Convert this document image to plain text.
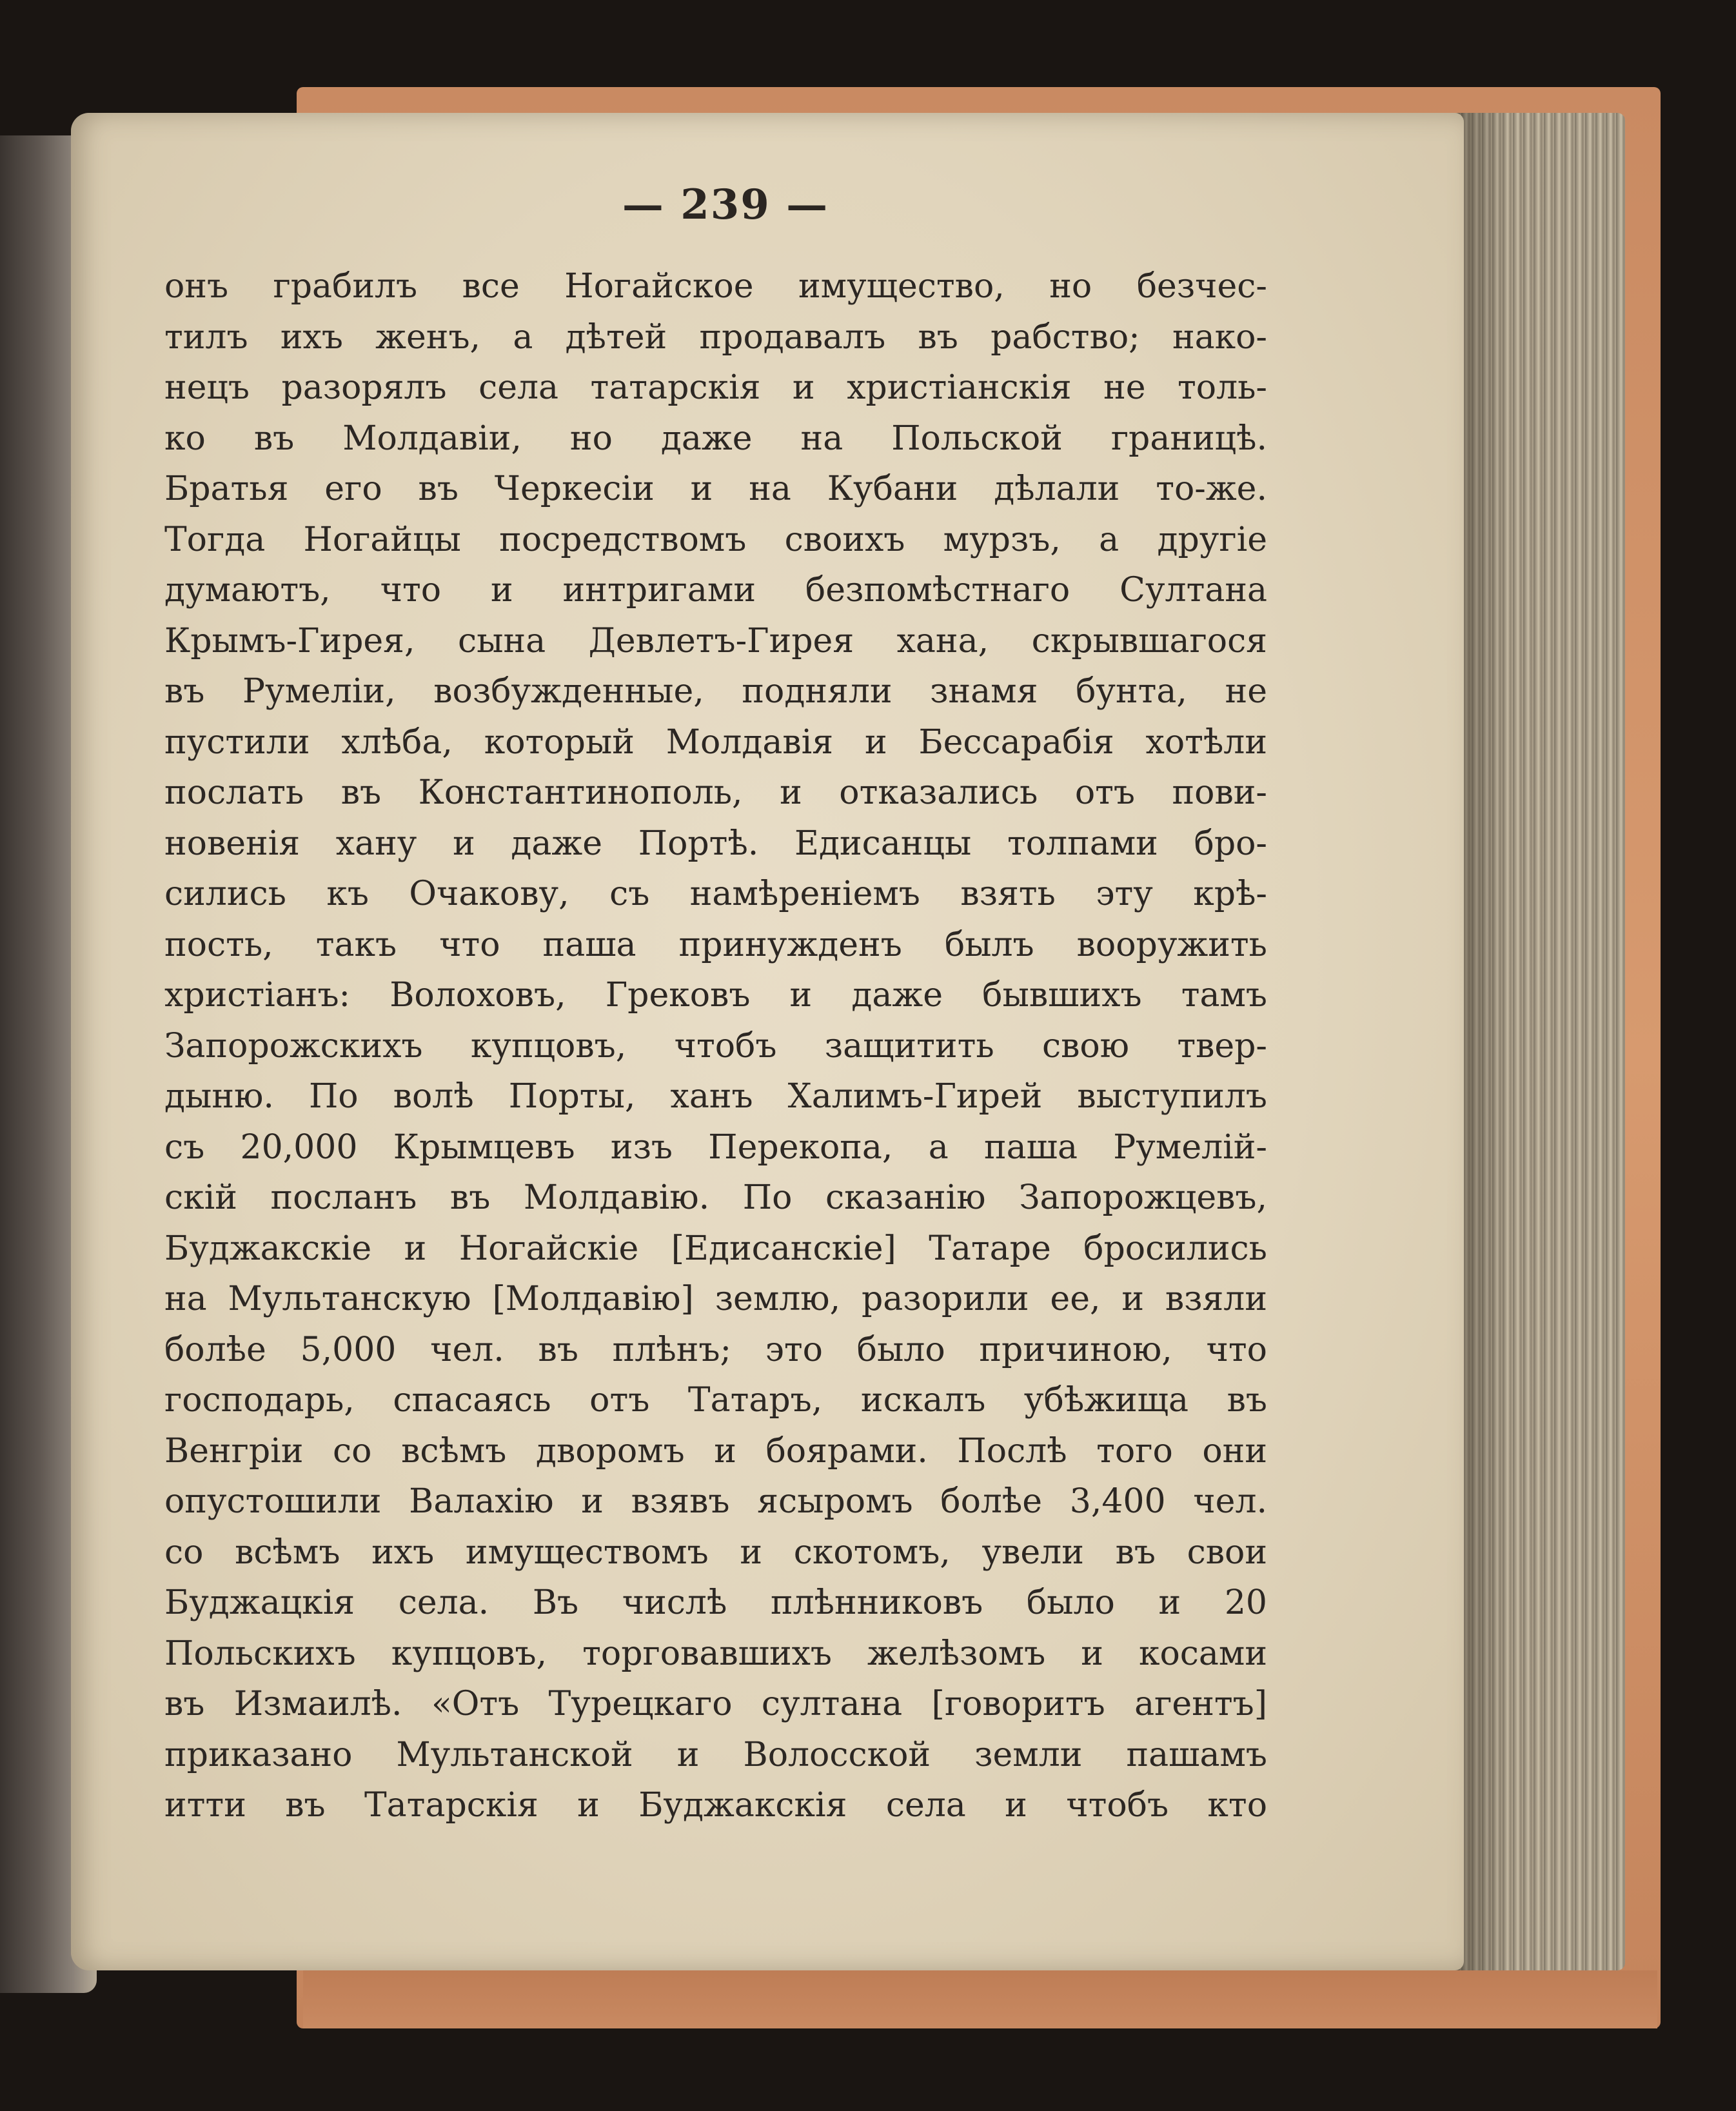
— 239 —
онъ грабилъ все Ногайское имущество, но безчес-
тилъ ихъ женъ, а дѣтей продавалъ въ рабство; нако-
нецъ разорялъ села татарскія и христіанскія не толь-
ко въ Молдавіи, но даже на Польской границѣ.
Братья его въ Черкесіи и на Кубани дѣлали то-же.
Тогда Ногайцы посредствомъ своихъ мурзъ, а другіе
думаютъ, что и интригами безпомѣстнаго Султана
Крымъ-Гирея, сына Девлетъ-Гирея хана, скрывшагося
въ Румеліи, возбужденные, подняли знамя бунта, не
пустили хлѣба, который Молдавія и Бессарабія хотѣли
послать въ Константинополь, и отказались отъ пови-
новенія хану и даже Портѣ. Едисанцы толпами бро-
сились къ Очакову, съ намѣреніемъ взять эту крѣ-
пость, такъ что паша принужденъ былъ вооружить
христіанъ: Волоховъ, Грековъ и даже бывшихъ тамъ
Запорожскихъ купцовъ, чтобъ защитить свою твер-
дыню. По волѣ Порты, ханъ Халимъ-Гирей выступилъ
съ 20,000 Крымцевъ изъ Перекопа, а паша Румелій-
скій посланъ въ Молдавію. По сказанію Запорожцевъ,
Буджакскіе и Ногайскіе [Едисанскіе] Татаре бросились
на Мультанскую [Молдавію] землю, разорили ее, и взяли
болѣе 5,000 чел. въ плѣнъ; это было причиною, что
господарь, спасаясь отъ Татаръ, искалъ убѣжища въ
Венгріи со всѣмъ дворомъ и боярами. Послѣ того они
опустошили Валахію и взявъ ясыромъ болѣе 3,400 чел.
со всѣмъ ихъ имуществомъ и скотомъ, увели въ свои
Буджацкія села. Въ числѣ плѣнниковъ было и 20
Польскихъ купцовъ, торговавшихъ желѣзомъ и косами
въ Измаилѣ. «Отъ Турецкаго султана [говоритъ агентъ]
приказано Мультанской и Волосской земли пашамъ
итти въ Татарскія и Буджакскія села и чтобъ кто
